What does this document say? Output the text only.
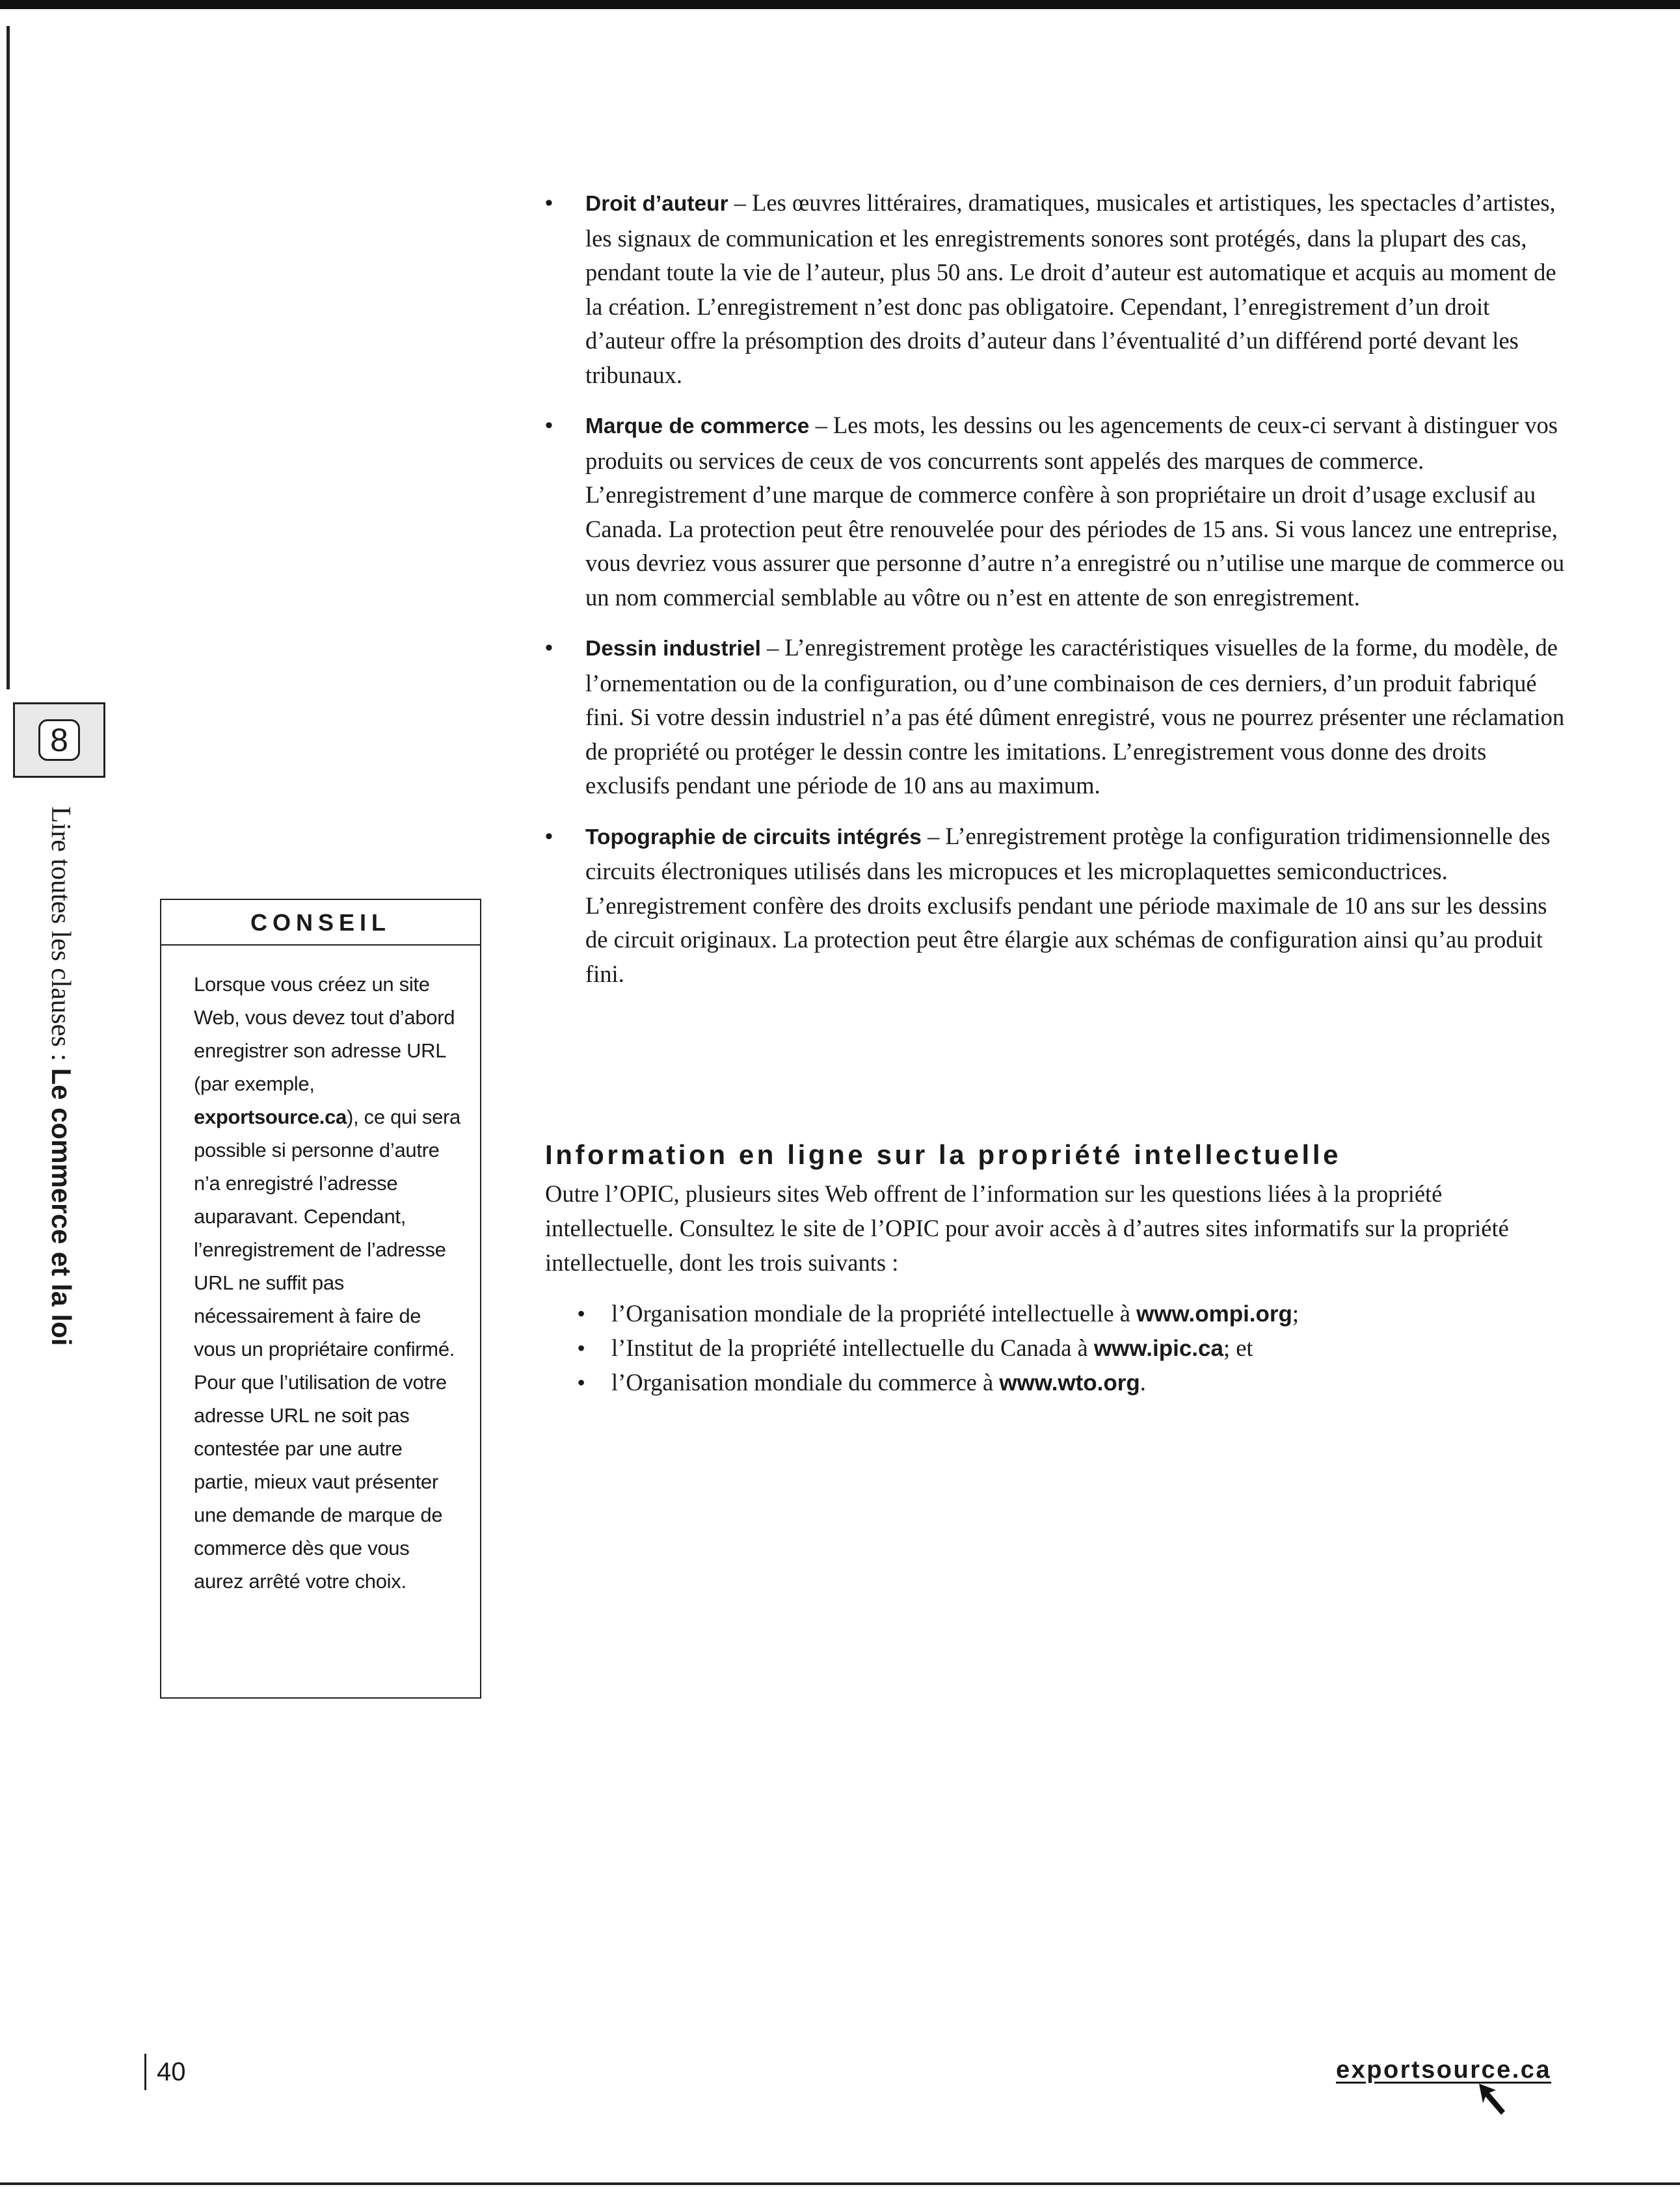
8
Lire toutes les clauses : Le commerce et la loi
• Droit d’auteur – Les œuvres littéraires, dramatiques, musicales et artistiques, les spectacles d’artistes, les signaux de communication et les enregistrements sonores sont protégés, dans la plupart des cas, pendant toute la vie de l’auteur, plus 50 ans. Le droit d’auteur est automatique et acquis au moment de la création. L’enregistrement n’est donc pas obligatoire. Cependant, l’enregistrement d’un droit d’auteur offre la présomption des droits d’auteur dans l’éventualité d’un différend porté devant les tribunaux.
• Marque de commerce – Les mots, les dessins ou les agencements de ceux-ci servant à distinguer vos produits ou services de ceux de vos concurrents sont appelés des marques de commerce. L’enregistrement d’une marque de commerce confère à son propriétaire un droit d’usage exclusif au Canada. La protection peut être renouvelée pour des périodes de 15 ans. Si vous lancez une entreprise, vous devriez vous assurer que personne d’autre n’a enregistré ou n’utilise une marque de commerce ou un nom commercial semblable au vôtre ou n’est en attente de son enregistrement.
• Dessin industriel – L’enregistrement protège les caractéristiques visuelles de la forme, du modèle, de l’ornementation ou de la configuration, ou d’une combinaison de ces derniers, d’un produit fabriqué fini. Si votre dessin industriel n’a pas été dûment enregistré, vous ne pourrez présenter une réclamation de propriété ou protéger le dessin contre les imitations. L’enregistrement vous donne des droits exclusifs pendant une période de 10 ans au maximum.
• Topographie de circuits intégrés – L’enregistrement protège la configuration tridimensionnelle des circuits électroniques utilisés dans les micropuces et les microplaquettes semiconductrices. L’enregistrement confère des droits exclusifs pendant une période maximale de 10 ans sur les dessins de circuit originaux. La protection peut être élargie aux schémas de configuration ainsi qu’au produit fini.
Information en ligne sur la propriété intellectuelle
Outre l’OPIC, plusieurs sites Web offrent de l’information sur les questions liées à la propriété intellectuelle. Consultez le site de l’OPIC pour avoir accès à d’autres sites informatifs sur la propriété intellectuelle, dont les trois suivants :
• l’Organisation mondiale de la propriété intellectuelle à www.ompi.org;
• l’Institut de la propriété intellectuelle du Canada à www.ipic.ca; et
• l’Organisation mondiale du commerce à www.wto.org.
CONSEIL
Lorsque vous créez un site Web, vous devez tout d’abord enregistrer son adresse URL (par exemple, exportsource.ca), ce qui sera possible si personne d’autre n’a enregistré l’adresse auparavant. Cependant, l’enregistrement de l’adresse URL ne suffit pas nécessairement à faire de vous un propriétaire confirmé. Pour que l’utilisation de votre adresse URL ne soit pas contestée par une autre partie, mieux vaut présenter une demande de marque de commerce dès que vous aurez arrêté votre choix.
40	exportsource.ca
